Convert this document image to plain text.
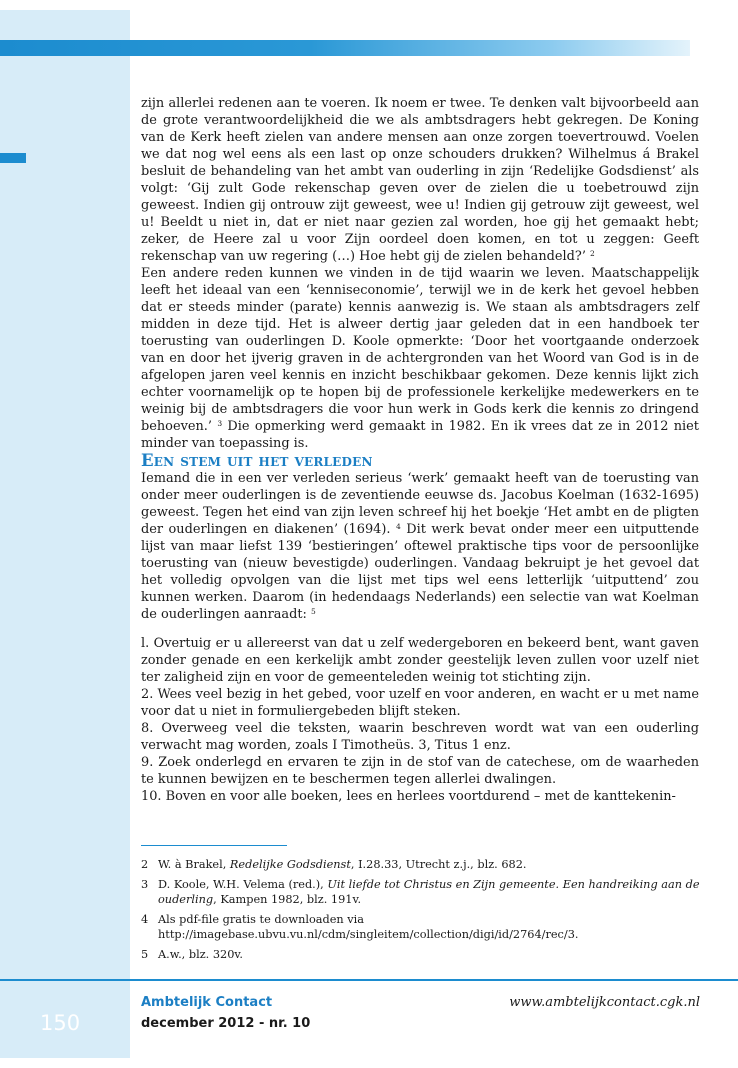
zijn allerlei redenen aan te voeren. Ik noem er twee. Te denken valt bijvoorbeeld aan de grote verantwoordelijkheid die we als ambtsdragers hebt gekregen. De Koning van de Kerk heeft zielen van andere mensen aan onze zorgen toevertrouwd. Voelen we dat nog wel eens als een last op onze schouders drukken? Wilhelmus á Brakel besluit de behandeling van het ambt van ouderling in zijn ‘Redelijke Godsdienst’ als volgt: ‘Gij zult Gode rekenschap geven over de zielen die u toebetrouwd zijn geweest. Indien gij ontrouw zijt geweest, wee u! Indien gij getrouw zijt geweest, wel u! Beeldt u niet in, dat er niet naar gezien zal worden, hoe gij het gemaakt hebt; zeker, de Heere zal u voor Zijn oordeel doen komen, en tot u zeggen: Geeft rekenschap van uw regering (…) Hoe hebt gij de zielen behandeld?’ $^2$

Een andere reden kunnen we vinden in de tijd waarin we leven. Maatschappelijk leeft het ideaal van een ‘kenniseconomie’, terwijl we in de kerk het gevoel hebben dat er steeds minder (parate) kennis aanwezig is. We staan als ambtsdragers zelf midden in deze tijd. Het is alweer dertig jaar geleden dat in een handboek ter toerusting van ouderlingen D. Koole opmerkte: ‘Door het voortgaande onderzoek van en door het ijverig graven in de achtergronden van het Woord van God is in de afgelopen jaren veel kennis en inzicht beschikbaar gekomen. Deze kennis lijkt zich echter voornamelijk op te hopen bij de professionele kerkelijke medewerkers en te weinig bij de ambtsdragers die voor hun werk in Gods kerk die kennis zo dringend behoeven.’ $^3$ Die opmerking werd gemaakt in 1982. En ik vrees dat ze in 2012 niet minder van toepassing is.

Een stem uit het verleden

Iemand die in een ver verleden serieus ‘werk’ gemaakt heeft van de toerusting van onder meer ouderlingen is de zeventiende eeuwse ds. Jacobus Koelman (1632-1695) geweest. Tegen het eind van zijn leven schreef hij het boekje ‘Het ambt en de pligten der ouderlingen en diakenen’ (1694). $^4$ Dit werk bevat onder meer een uitputtende lijst van maar liefst 139 ‘bestieringen’ oftewel praktische tips voor de persoonlijke toerusting van (nieuw bevestigde) ouderlingen. Vandaag bekruipt je het gevoel dat het volledig opvolgen van die lijst met tips wel eens letterlijk ‘uitputtend’ zou kunnen werken. Daarom (in hedendaags Nederlands) een selectie van wat Koelman de ouderlingen aanraadt: $^5$

l. Overtuig er u allereerst van dat u zelf wedergeboren en bekeerd bent, want gaven zonder genade en een kerkelijk ambt zonder geestelijk leven zullen voor uzelf niet ter zaligheid zijn en voor de gemeenteleden weinig tot stichting zijn.

2. Wees veel bezig in het gebed, voor uzelf en voor anderen, en wacht er u met name voor dat u niet in formuliergebeden blijft steken.

8. Overweeg veel die teksten, waarin beschreven wordt wat van een ouderling verwacht mag worden, zoals I Timotheüs. 3, Titus 1 enz.

9. Zoek onderlegd en ervaren te zijn in de stof van de catechese, om de waarheden te kunnen bewijzen en te beschermen tegen allerlei dwalingen.

10. Boven en voor alle boeken, lees en herlees voortdurend – met de kanttekenin-

2 W. à Brakel, Redelijke Godsdienst, I.28.33, Utrecht z.j., blz. 682.
3 D. Koole, W.H. Velema (red.), Uit liefde tot Christus en Zijn gemeente. Een handreiking aan de ouderling, Kampen 1982, blz. 191v.
4 Als pdf-file gratis te downloaden via
http://imagebase.ubvu.vu.nl/cdm/singleitem/collection/digi/id/2764/rec/3.
5 A.w., blz. 320v.
150
Ambtelijk Contact
december 2012 - nr. 10
www.ambtelijkcontact.cgk.nl
